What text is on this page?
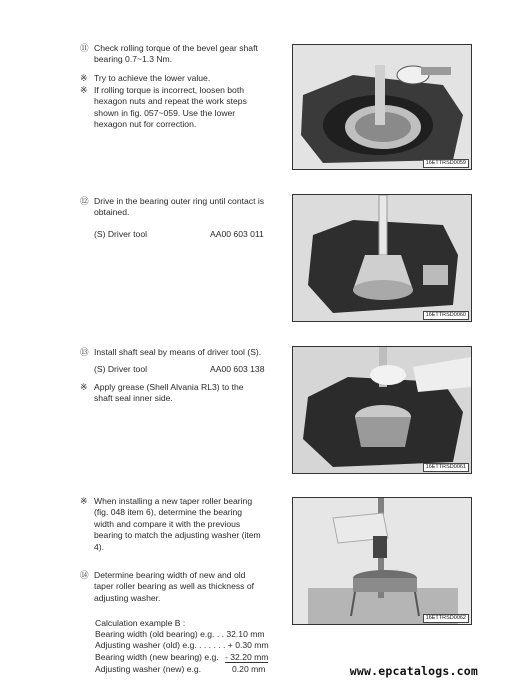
⑪ Check rolling torque of the bevel gear shaft
bearing 0.7~1.3 Nm.
※ Try to achieve the lower value.
※ If rolling torque is incorrect, loosen both
hexagon nuts and repeat the work steps
shown in fig. 057~059. Use the lower
hexagon nut for correction.
16ETTRSD0059
⑫ Drive in the bearing outer ring until contact is
obtained.
(S) Driver tool	AA00 603 011
16ETTRSD0060
⑬ Install shaft seal by means of driver tool (S).
(S) Driver tool	AA00 603 138
※ Apply grease (Shell Alvania RL3) to the
shaft seal inner side.
16ETTRSD0061
※ When installing a new taper roller bearing
(fig. 048 item 6), determine the bearing
width and compare it with the previous
bearing to match the adjusting washer (item
4).
⑭ Determine bearing width of new and old
taper roller bearing as well as thickness of
adjusting washer.
Calculation example B :
Bearing width (old bearing) e.g. . . 32.10 mm
Adjusting washer (old) e.g. . . . . . . + 0.30 mm
Bearing width (new bearing) e.g. - 32.20 mm
Adjusting washer (new) e.g.	0.20 mm
16ETTRSD0062
www.epcatalogs.com
